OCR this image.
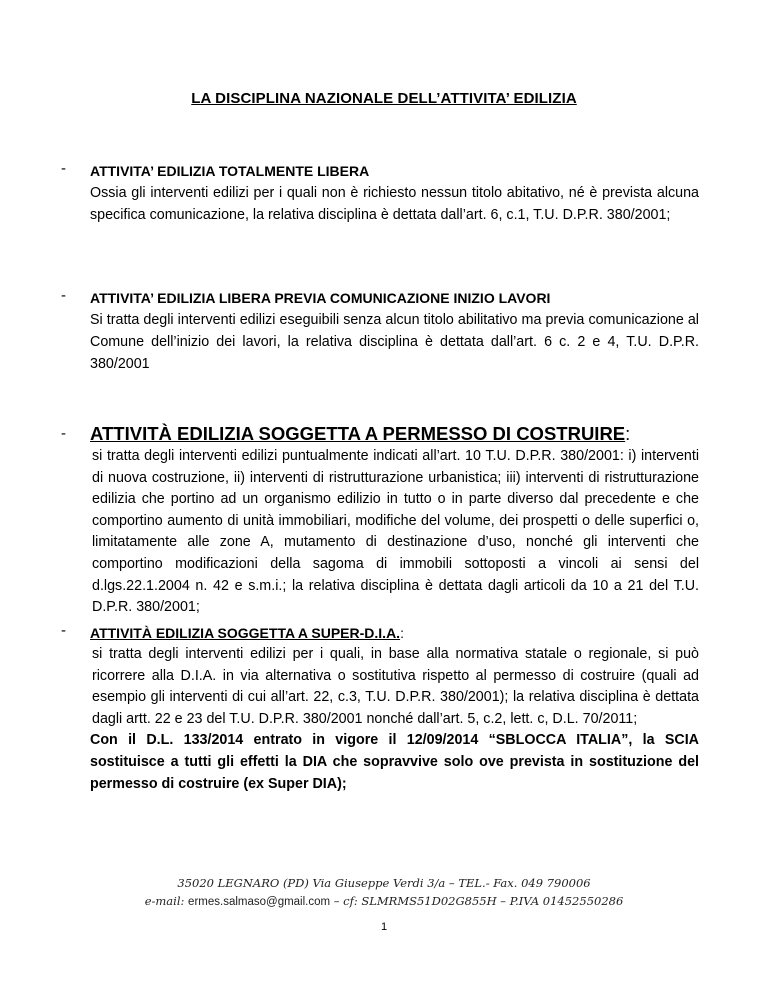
LA DISCIPLINA NAZIONALE DELL’ATTIVITA’ EDILIZIA
- ATTIVITA’ EDILIZIA TOTALMENTE LIBERA

Ossia gli interventi edilizi per i quali non è richiesto nessun titolo abitativo, né è prevista alcuna specifica comunicazione, la relativa disciplina è dettata dall’art. 6, c.1, T.U. D.P.R. 380/2001;

- ATTIVITA’ EDILIZIA LIBERA PREVIA COMUNICAZIONE INIZIO LAVORI

Si tratta degli interventi edilizi eseguibili senza alcun titolo abilitativo ma previa comunicazione al Comune dell’inizio dei lavori, la relativa disciplina è dettata dall’art. 6 c. 2 e 4, T.U. D.P.R. 380/2001

- ATTIVITÀ EDILIZIA SOGGETTA A PERMESSO DI COSTRUIRE:

si tratta degli interventi edilizi puntualmente indicati all’art. 10 T.U. D.P.R. 380/2001: i) interventi di nuova costruzione, ii) interventi di ristrutturazione urbanistica; iii) interventi di ristrutturazione edilizia che portino ad un organismo edilizio in tutto o in parte diverso dal precedente e che comportino aumento di unità immobiliari, modifiche del volume, dei prospetti o delle superfici o, limitatamente alle zone A, mutamento di destinazione d’uso, nonché gli interventi che comportino modificazioni della sagoma di immobili sottoposti a vincoli ai sensi del d.lgs.22.1.2004 n. 42 e s.m.i.; la relativa disciplina è dettata dagli articoli da 10 a 21 del T.U. D.P.R. 380/2001;

- ATTIVITÀ EDILIZIA SOGGETTA A SUPER-D.I.A.:

si tratta degli interventi edilizi per i quali, in base alla normativa statale o regionale, si può ricorrere alla D.I.A. in via alternativa o sostitutiva rispetto al permesso di costruire (quali ad esempio gli interventi di cui all’art. 22, c.3, T.U. D.P.R. 380/2001); la relativa disciplina è dettata dagli artt. 22 e 23 del T.U. D.P.R. 380/2001 nonché dall’art. 5, c.2, lett. c, D.L. 70/2011;

Con il D.L. 133/2014 entrato in vigore il 12/09/2014 “SBLOCCA ITALIA”, la SCIA sostituisce a tutti gli effetti la DIA che sopravvive solo ove prevista in sostituzione del permesso di costruire (ex Super DIA);

35020 LEGNARO (PD) Via Giuseppe Verdi 3/a – TEL.- Fax. 049 790006
e-mail: ermes.salmaso@gmail.com – cf: SLMRMS51D02G855H – P.IVA 01452550286
1
